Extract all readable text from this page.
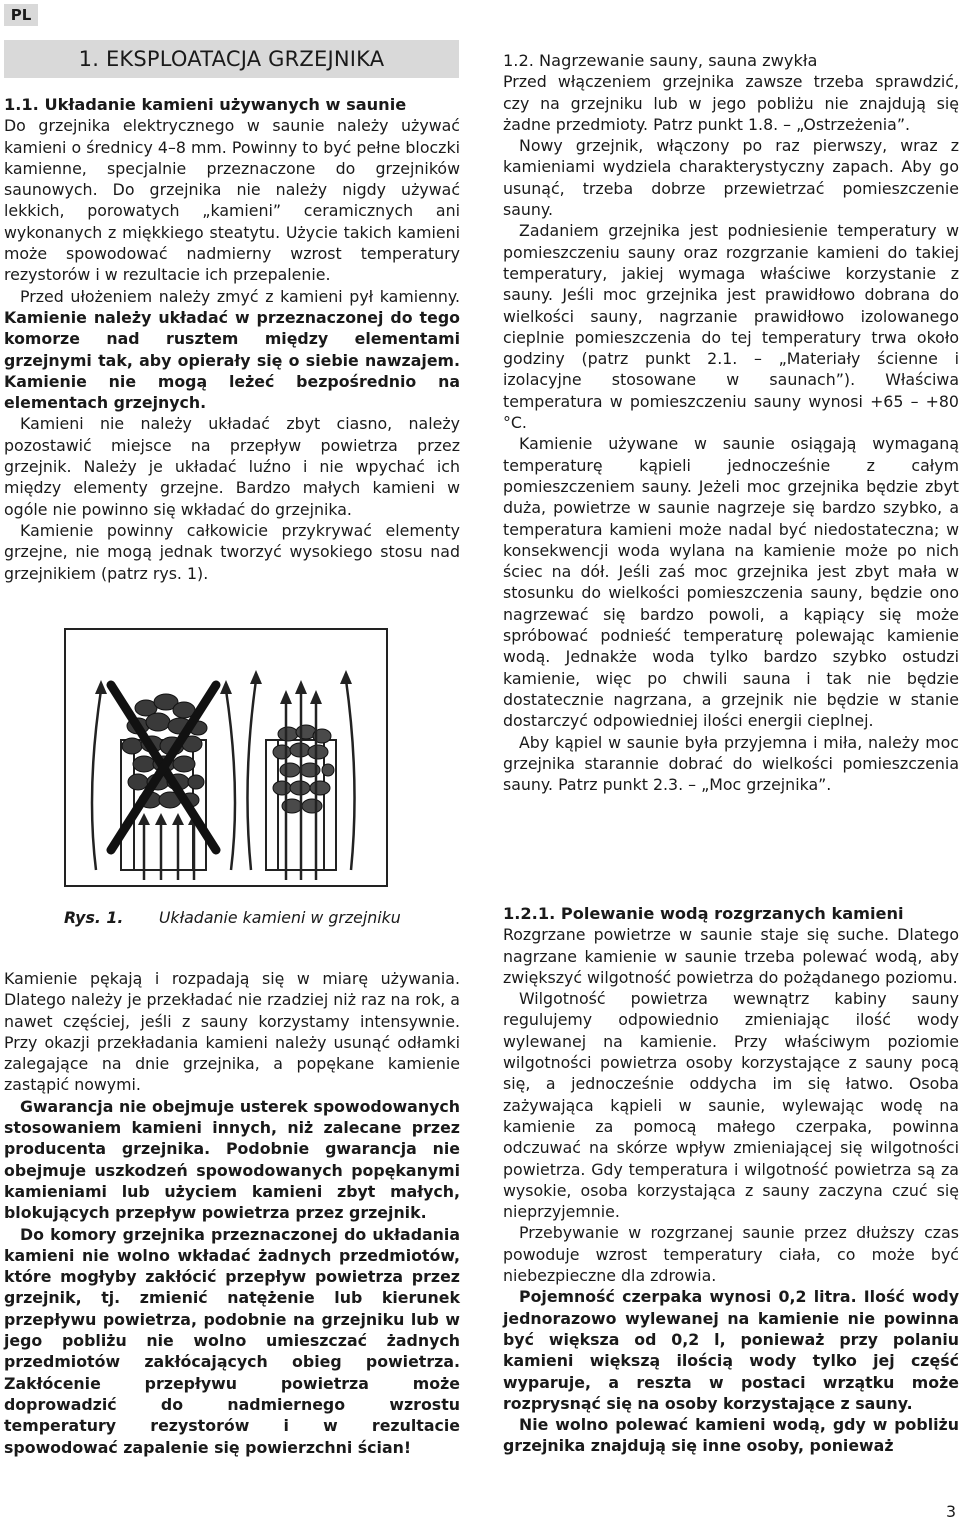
PL
1. EKSPLOATACJA GRZEJNIKA
1.1. Układanie kamieni używanych w saunie

Do grzejnika elektrycznego w saunie należy używać kamieni o średnicy 4–8 mm. Powinny to być pełne bloczki kamienne, specjalnie przeznaczone do grzejników saunowych. Do grzejnika nie należy nigdy używać lekkich, porowatych „kamieni” ceramicznych ani wykonanych z miękkiego steatytu. Użycie takich kamieni może spowodować nadmierny wzrost temperatury rezystorów i w rezultacie ich przepalenie.

Przed ułożeniem należy zmyć z kamieni pył kamienny. Kamienie należy układać w przeznaczonej do tego komorze nad rusztem między elementami grzejnymi tak, aby opierały się o siebie nawzajem. Kamienie nie mogą leżeć bezpośrednio na elementach grzejnych.

Kamieni nie należy układać zbyt ciasno, należy pozostawić miejsce na przepływ powietrza przez grzejnik. Należy je układać luźno i nie wpychać ich między elementy grzejne. Bardzo małych kamieni w ogóle nie powinno się wkładać do grzejnika.

Kamienie powinny całkowicie przykrywać elementy grzejne, nie mogą jednak tworzyć wysokiego stosu nad grzejnikiem (patrz rys. 1).

Rys. 1. Układanie kamieni w grzejniku

Kamienie pękają i rozpadają się w miarę używania. Dlatego należy je przekładać nie rzadziej niż raz na rok, a nawet częściej, jeśli z sauny korzystamy intensywnie. Przy okazji przekładania kamieni należy usunąć odłamki zalegające na dnie grzejnika, a popękane kamienie zastąpić nowymi.

Gwarancja nie obejmuje usterek spowodowanych stosowaniem kamieni innych, niż zalecane przez producenta grzejnika. Podobnie gwarancja nie obejmuje uszkodzeń spowodowanych popękanymi kamieniami lub użyciem kamieni zbyt małych, blokujących przepływ powietrza przez grzejnik.

Do komory grzejnika przeznaczonej do układania kamieni nie wolno wkładać żadnych przedmiotów, które mogłyby zakłócić przepływ powietrza przez grzejnik, tj. zmienić natężenie lub kierunek przepływu powietrza, podobnie na grzejniku lub w jego pobliżu nie wolno umieszczać żadnych przedmiotów zakłócających obieg powietrza. Zakłócenie przepływu powietrza może doprowadzić do nadmiernego wzrostu temperatury rezystorów i w rezultacie spowodować zapalenie się powierzchni ścian!

1.2. Nagrzewanie sauny, sauna zwykła

Przed włączeniem grzejnika zawsze trzeba sprawdzić, czy na grzejniku lub w jego pobliżu nie znajdują się żadne przedmioty. Patrz punkt 1.8. – „Ostrzeżenia”.

Nowy grzejnik, włączony po raz pierwszy, wraz z kamieniami wydziela charakterystyczny zapach. Aby go usunąć, trzeba dobrze przewietrzać pomieszczenie sauny.

Zadaniem grzejnika jest podniesienie temperatury w pomieszczeniu sauny oraz rozgrzanie kamieni do takiej temperatury, jakiej wymaga właściwe korzystanie z sauny. Jeśli moc grzejnika jest prawidłowo dobrana do wielkości sauny, nagrzanie prawidłowo izolowanego cieplnie pomieszczenia do tej temperatury trwa około godziny (patrz punkt 2.1. – „Materiały ścienne i izolacyjne stosowane w saunach”). Właściwa temperatura w pomieszczeniu sauny wynosi +65 – +80 °C.

Kamienie używane w saunie osiągają wymaganą temperaturę kąpieli jednocześnie z całym pomieszczeniem sauny. Jeżeli moc grzejnika będzie zbyt duża, powietrze w saunie nagrzeje się bardzo szybko, a temperatura kamieni może nadal być niedostateczna; w konsekwencji woda wylana na kamienie może po nich ściec na dół. Jeśli zaś moc grzejnika jest zbyt mała w stosunku do wielkości pomieszczenia sauny, będzie ono nagrzewać się bardzo powoli, a kąpiący się może spróbować podnieść temperaturę polewając kamienie wodą. Jednakże woda tylko bardzo szybko ostudzi kamienie, więc po chwili sauna i tak nie będzie dostatecznie nagrzana, a grzejnik nie będzie w stanie dostarczyć odpowiedniej ilości energii cieplnej.

Aby kąpiel w saunie była przyjemna i miła, należy moc grzejnika starannie dobrać do wielkości pomieszczenia sauny. Patrz punkt 2.3. – „Moc grzejnika”.

1.2.1. Polewanie wodą rozgrzanych kamieni

Rozgrzane powietrze w saunie staje się suche. Dlatego nagrzane kamienie w saunie trzeba polewać wodą, aby zwiększyć wilgotność powietrza do pożądanego poziomu.

Wilgotność powietrza wewnątrz kabiny sauny regulujemy odpowiednio zmieniając ilość wody wylewanej na kamienie. Przy właściwym poziomie wilgotności powietrza osoby korzystające z sauny pocą się, a jednocześnie oddycha im się łatwo. Osoba zażywająca kąpieli w saunie, wylewając wodę na kamienie za pomocą małego czerpaka, powinna odczuwać na skórze wpływ zmieniającej się wilgotności powietrza. Gdy temperatura i wilgotność powietrza są za wysokie, osoba korzystająca z sauny zaczyna czuć się nieprzyjemnie.

Przebywanie w rozgrzanej saunie przez dłuższy czas powoduje wzrost temperatury ciała, co może być niebezpieczne dla zdrowia.

Pojemność czerpaka wynosi 0,2 litra. Ilość wody jednorazowo wylewanej na kamienie nie powinna być większa od 0,2 l, ponieważ przy polaniu kamieni większą ilością wody tylko jej część wyparuje, a reszta w postaci wrzątku może rozprysnąć się na osoby korzystające z sauny.

Nie wolno polewać kamieni wodą, gdy w pobliżu grzejnika znajdują się inne osoby, ponieważ

3
